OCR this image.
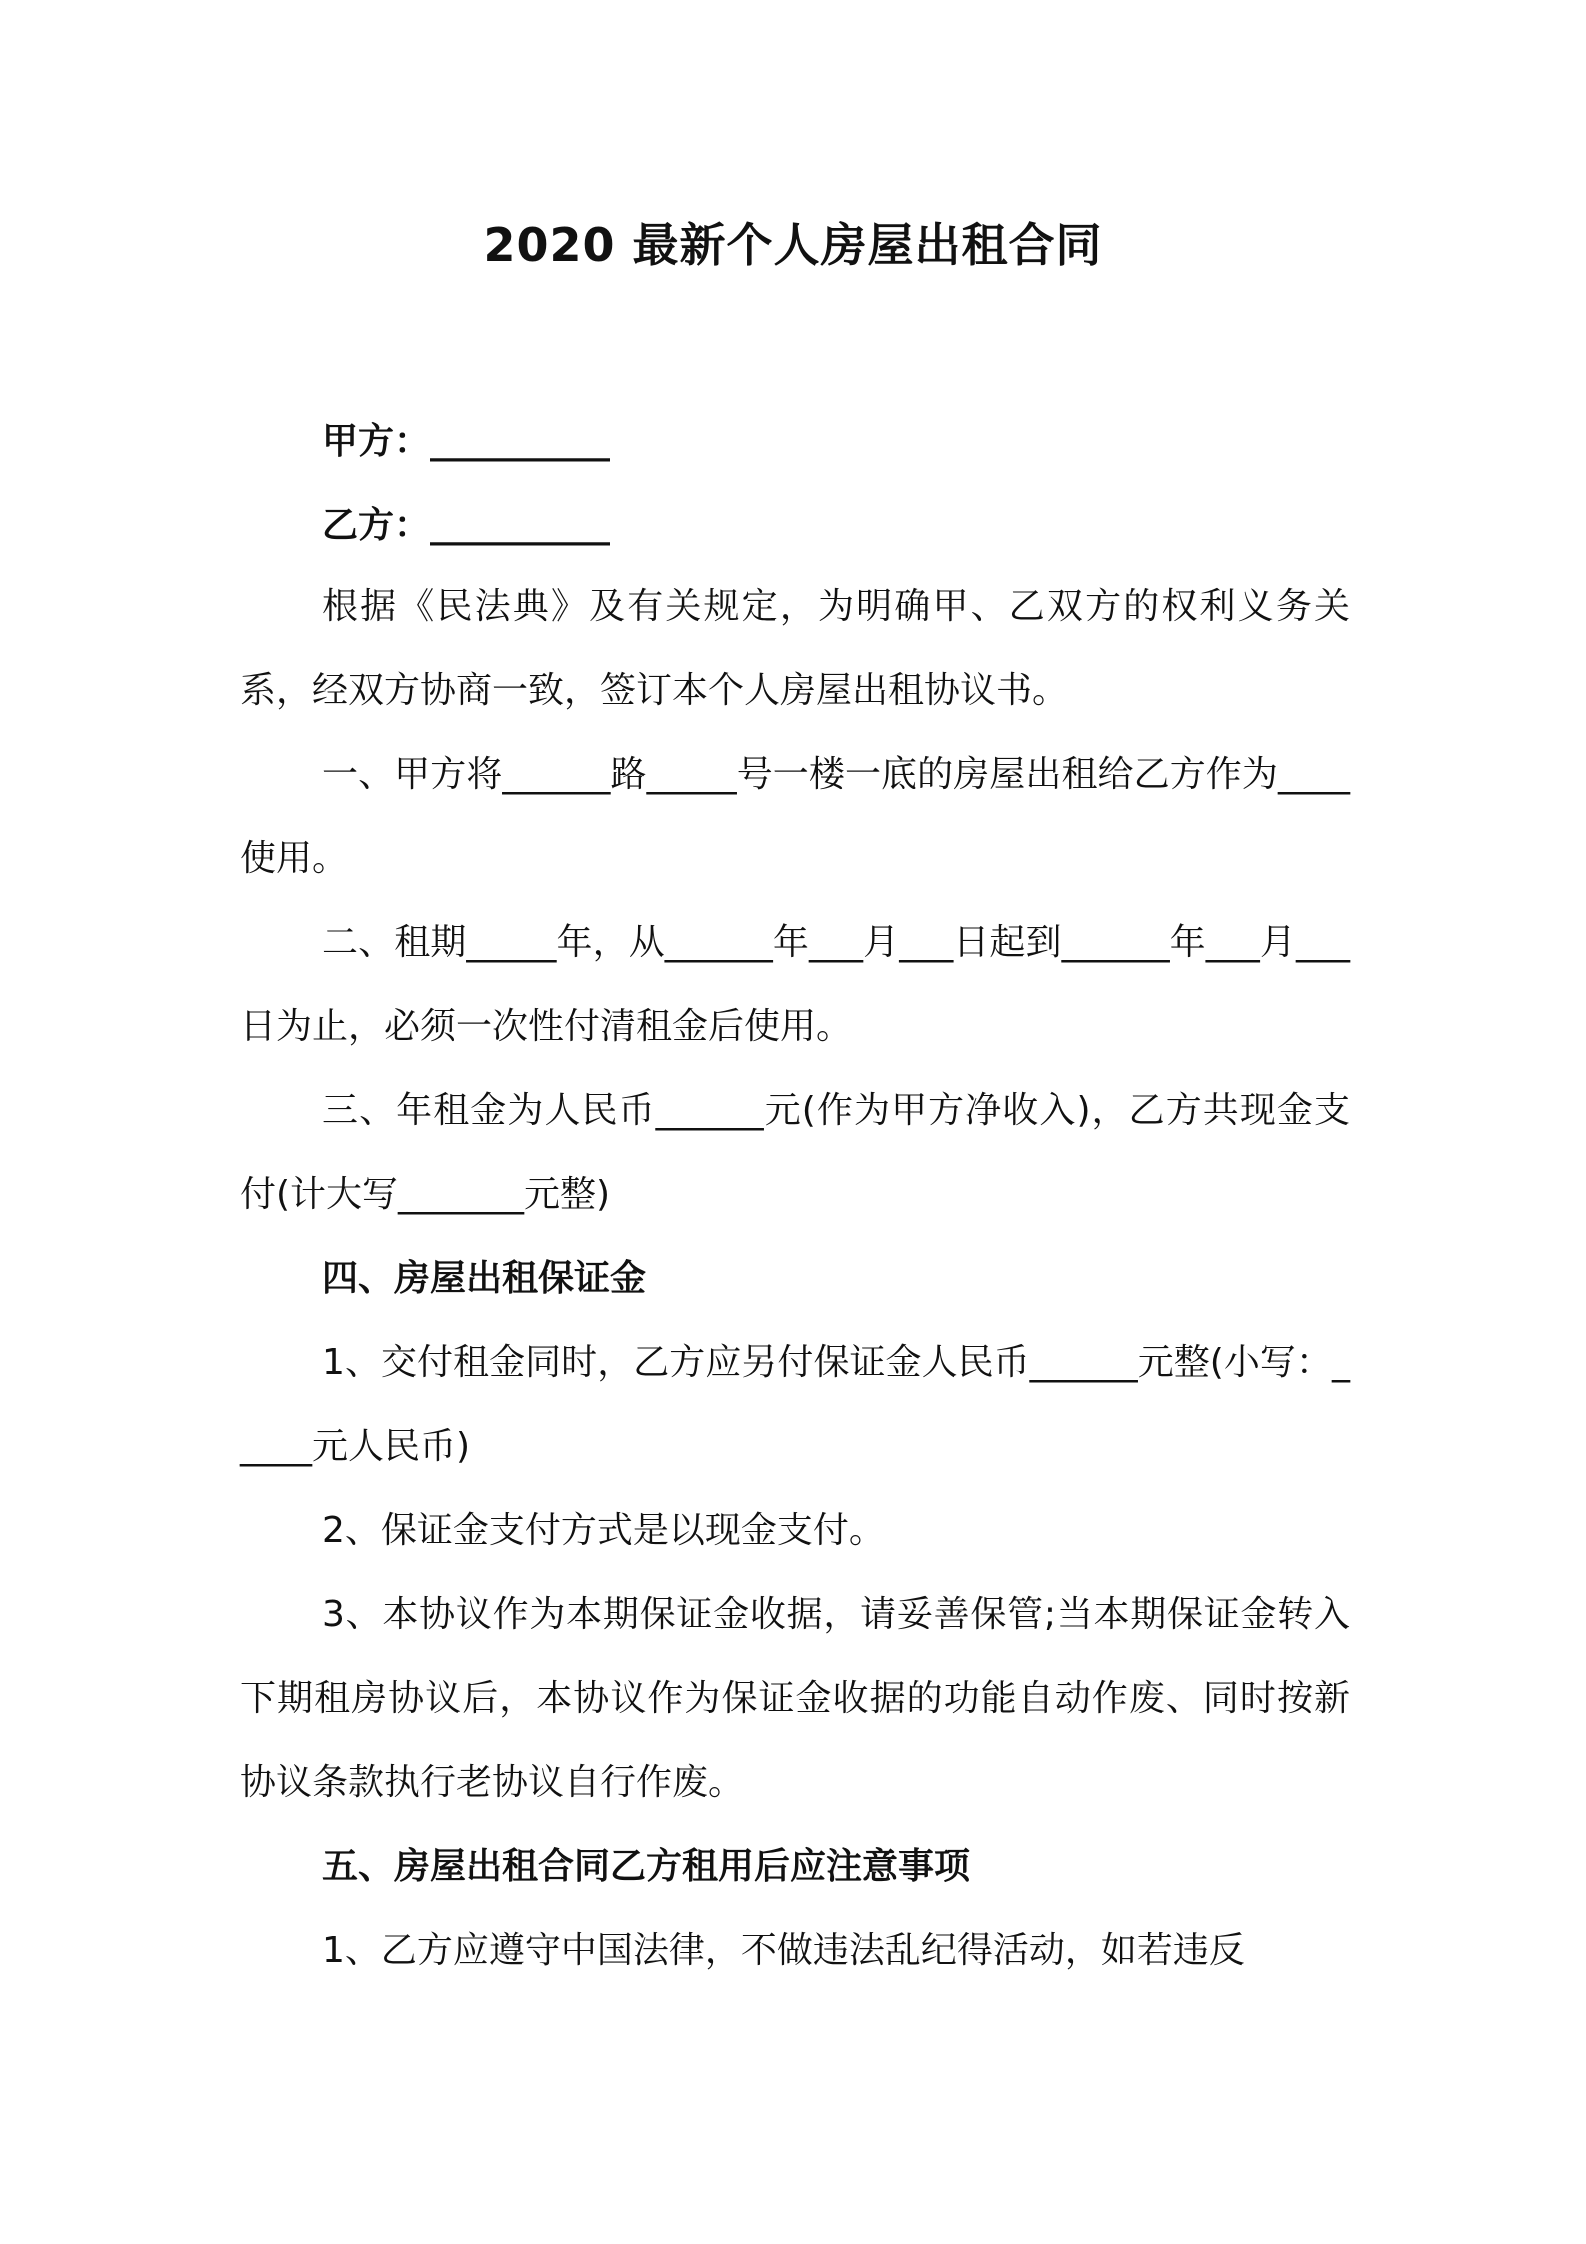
2020 最新个人房屋出租合同

甲方：__________

乙方：__________

根据《民法典》及有关规定，为明确甲、乙双方的权利义务关系，经双方协商一致，签订本个人房屋出租协议书。

一、甲方将______路_____号一楼一底的房屋出租给乙方作为____使用。

二、租期_____年，从______年___月___日起到______年___月___日为止，必须一次性付清租金后使用。

三、年租金为人民币______元(作为甲方净收入)，乙方共现金支付(计大写_______元整)

四、房屋出租保证金

1、交付租金同时，乙方应另付保证金人民币______元整(小写：_____元人民币)

2、保证金支付方式是以现金支付。

3、本协议作为本期保证金收据，请妥善保管;当本期保证金转入下期租房协议后，本协议作为保证金收据的功能自动作废、同时按新协议条款执行老协议自行作废。

五、房屋出租合同乙方租用后应注意事项

1、乙方应遵守中国法律，不做违法乱纪得活动，如若违反
